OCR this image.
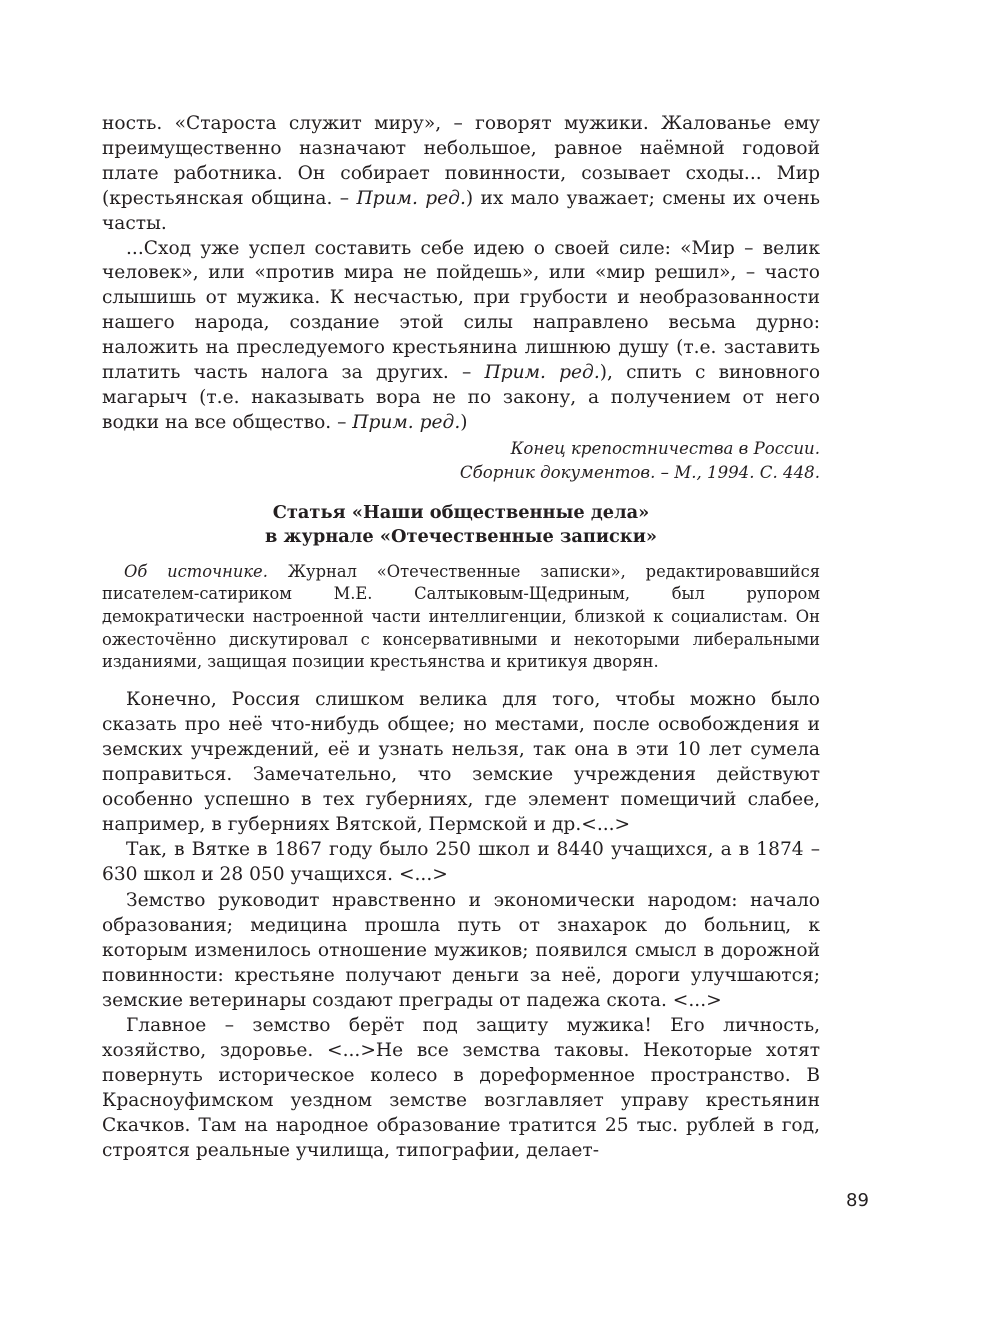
ность. «Староста служит миру», – говорят мужики. Жалованье ему преимущественно назначают небольшое, равное наёмной годовой плате работника. Он собирает повинности, созывает сходы... Мир (крестьянская община. – Прим. ред.) их мало уважает; смены их очень часты.

...Сход уже успел составить себе идею о своей силе: «Мир – велик человек», или «против мира не пойдешь», или «мир решил», – часто слышишь от мужика. К несчастью, при грубости и необразованности нашего народа, создание этой силы направлено весьма дурно: наложить на преследуемого крестьянина лишнюю душу (т.е. заставить платить часть налога за других. – Прим. ред.), спить с виновного магарыч (т.е. наказывать вора не по закону, а получением от него водки на все общество. – Прим. ред.)

Конец крепостничества в России.
Сборник документов. – М., 1994. С. 448.
Статья «Наши общественные дела»
в журнале «Отечественные записки»

Об источнике. Журнал «Отечественные записки», редактировавшийся писателем-сатириком М.Е. Салтыковым-Щедриным, был рупором демократически настроенной части интеллигенции, близкой к социалистам. Он ожесточённо дискутировал с консервативными и некоторыми либеральными изданиями, защищая позиции крестьянства и критикуя дворян.

Конечно, Россия слишком велика для того, чтобы можно было сказать про неё что-нибудь общее; но местами, после освобождения и земских учреждений, её и узнать нельзя, так она в эти 10 лет сумела поправиться. Замечательно, что земские учреждения действуют особенно успешно в тех губерниях, где элемент помещичий слабее, например, в губерниях Вятской, Пермской и др.<...>

Так, в Вятке в 1867 году было 250 школ и 8440 учащихся, а в 1874 – 630 школ и 28 050 учащихся. <...>

Земство руководит нравственно и экономически народом: начало образования; медицина прошла путь от знахарок до больниц, к которым изменилось отношение мужиков; появился смысл в дорожной повинности: крестьяне получают деньги за неё, дороги улучшаются; земские ветеринары создают преграды от падежа скота. <...>

Главное – земство берёт под защиту мужика! Его личность, хозяйство, здоровье. <...>Не все земства таковы. Некоторые хотят повернуть историческое колесо в дореформенное пространство. В Красноуфимском уездном земстве возглавляет управу крестьянин Скачков. Там на народное образование тратится 25 тыс. рублей в год, строятся реальные училища, типографии, делает-

89
